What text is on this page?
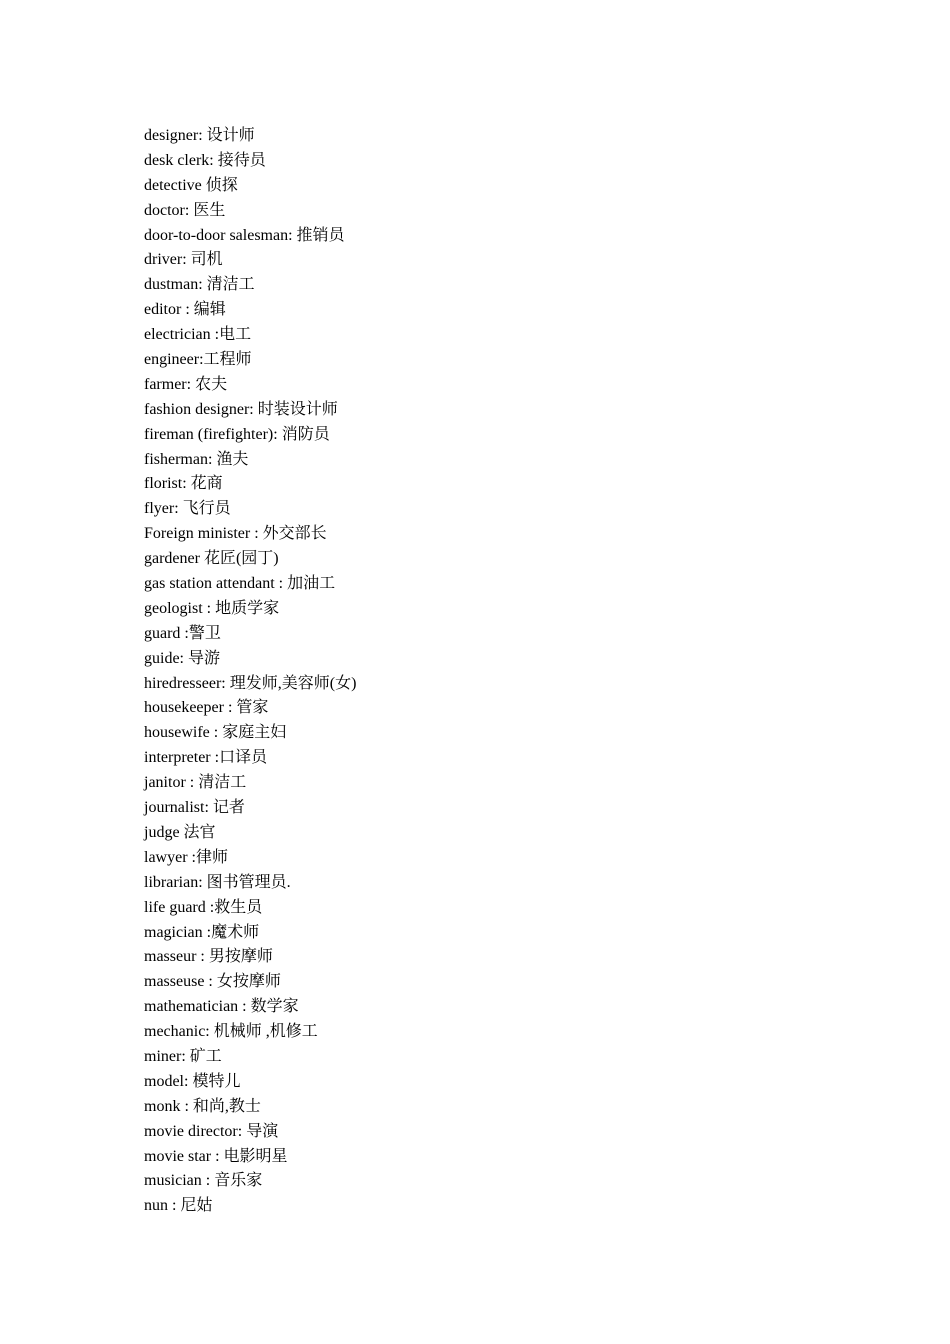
designer: 设计师
desk clerk: 接待员
detective 侦探
doctor: 医生
door-to-door salesman: 推销员
driver: 司机
dustman: 清洁工
editor : 编辑
electrician :电工
engineer:工程师
farmer: 农夫
fashion designer: 时装设计师
fireman (firefighter): 消防员
fisherman: 渔夫
florist: 花商
flyer: 飞行员
Foreign minister : 外交部长
gardener 花匠(园丁)
gas station attendant : 加油工
geologist : 地质学家
guard :警卫
guide: 导游
hiredresseer: 理发师,美容师(女)
housekeeper : 管家
housewife : 家庭主妇
interpreter :口译员
janitor : 清洁工
journalist: 记者
judge 法官
lawyer :律师
librarian: 图书管理员.
life guard :救生员
magician :魔术师
masseur : 男按摩师
masseuse : 女按摩师
mathematician : 数学家
mechanic: 机械师 ,机修工
miner: 矿工
model: 模特儿
monk : 和尚,教士
movie director: 导演
movie star : 电影明星
musician : 音乐家
nun : 尼姑
